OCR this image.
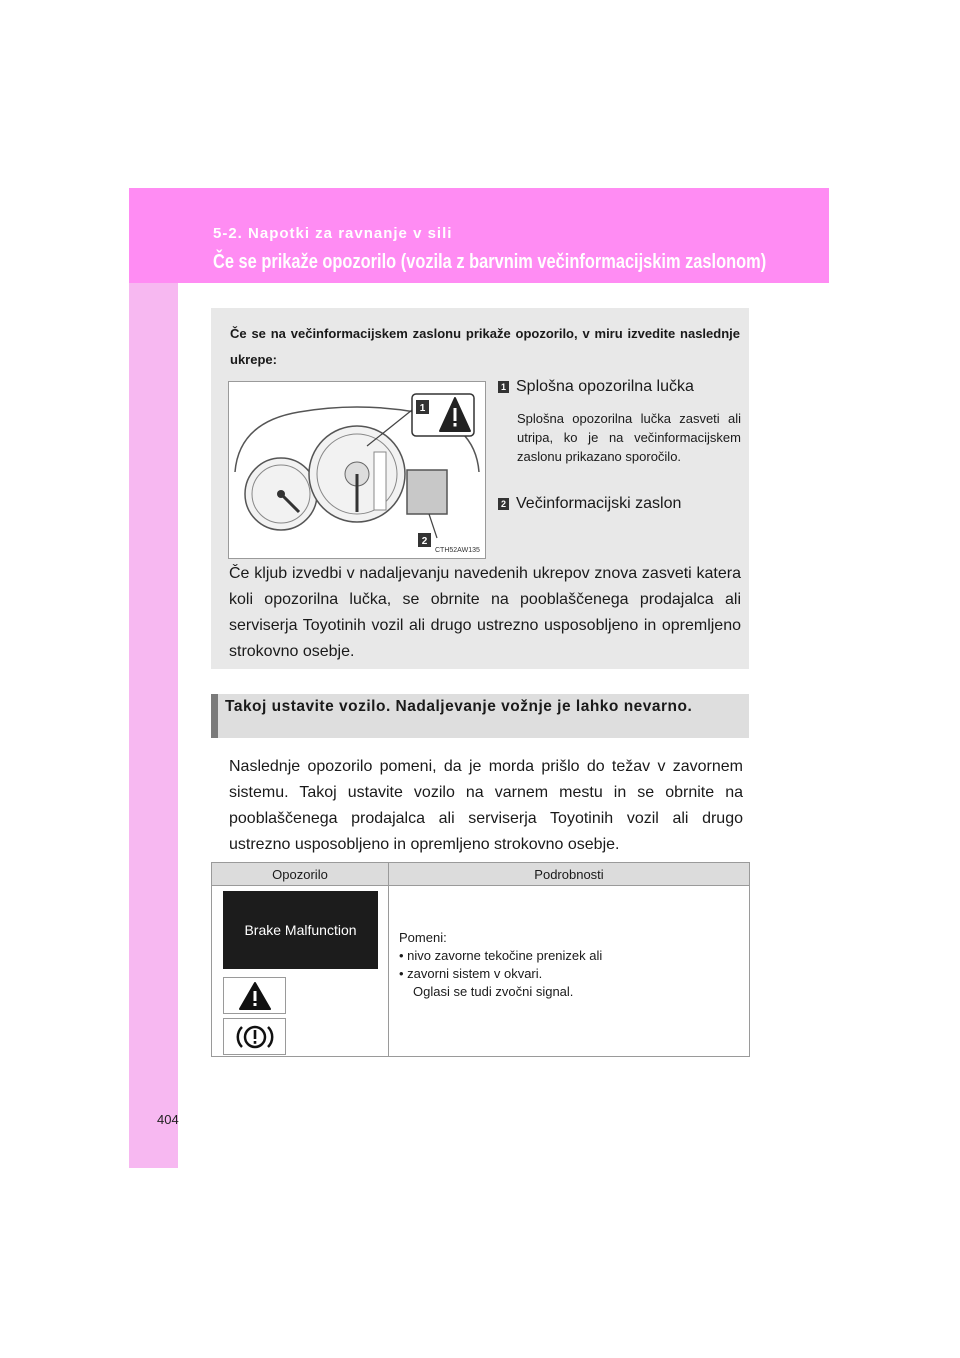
5-2. Napotki za ravnanje v sili
Če se prikaže opozorilo (vozila z barvnim večinformacijskim zaslonom)
Če se na večinformacijskem zaslonu prikaže opozorilo, v miru izvedite naslednje ukrepe:
1
2
CTH52AW135
1 Splošna opozorilna lučka
Splošna opozorilna lučka zasveti ali utripa, ko je na večinformacijskem zaslonu prikazano sporočilo.
2 Večinformacijski zaslon
Če kljub izvedbi v nadaljevanju navedenih ukrepov znova zasveti katera koli opozorilna lučka, se obrnite na pooblaščenega prodajalca ali serviserja Toyotinih vozil ali drugo ustrezno usposobljeno in opremljeno strokovno osebje.
Takoj ustavite vozilo. Nadaljevanje vožnje je lahko nevarno.
Naslednje opozorilo pomeni, da je morda prišlo do težav v zavornem sistemu. Takoj ustavite vozilo na varnem mestu in se obrnite na pooblaščenega prodajalca ali serviserja Toyotinih vozil ali drugo ustrezno usposobljeno in opremljeno strokovno osebje.
Opozorilo	Podrobnosti

Brake Malfunction	Pomeni:
• nivo zavorne tekočine prenizek ali
• zavorni sistem v okvari.
Oglasi se tudi zvočni signal.
404
